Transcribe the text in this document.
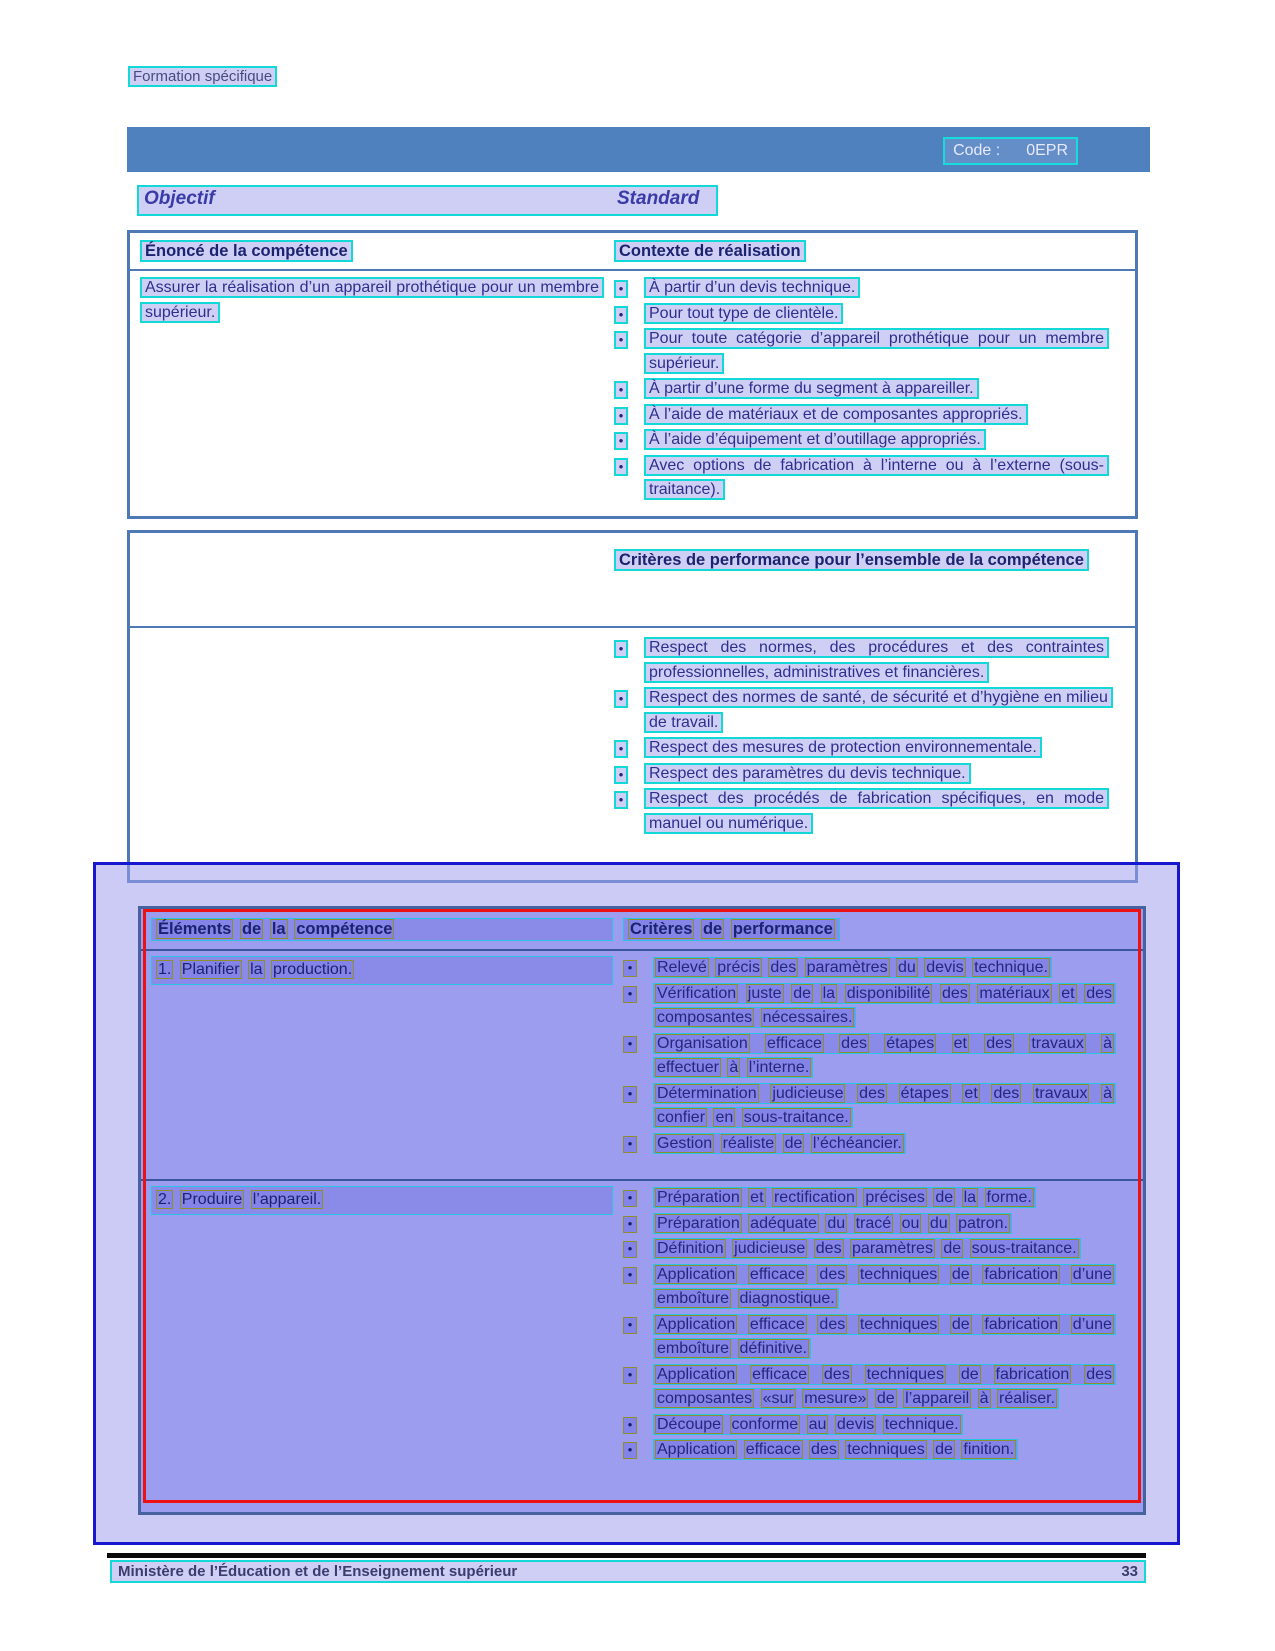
Formation spécifique
Code : 0EPR
Objectif	Standard
Énoncé de la compétence	Contexte de réalisation
Assurer la réalisation d’un appareil prothétique pour un membre supérieur.
• À partir d’un devis technique.
• Pour tout type de clientèle.
• Pour toute catégorie d’appareil prothétique pour un membre supérieur.
• À partir d’une forme du segment à appareiller.
• À l’aide de matériaux et de composantes appropriés.
• À l’aide d’équipement et d’outillage appropriés.
• Avec options de fabrication à l’interne ou à l’externe (sous-traitance).
Critères de performance pour l’ensemble de la compétence
• Respect des normes, des procédures et des contraintes professionnelles, administratives et financières.
• Respect des normes de santé, de sécurité et d’hygiène en milieu de travail.
• Respect des mesures de protection environnementale.
• Respect des paramètres du devis technique.
• Respect des procédés de fabrication spécifiques, en mode manuel ou numérique.
Éléments de la compétence	Critères de performance
1. Planifier la production.	• Relevé précis des paramètres du devis technique.
• Vérification juste de la disponibilité des matériaux et des composantes nécessaires.
• Organisation efficace des étapes et des travaux à effectuer à l’interne.
• Détermination judicieuse des étapes et des travaux à confier en sous-traitance.
• Gestion réaliste de l’échéancier.
2. Produire l’appareil.	• Préparation et rectification précises de la forme.
• Préparation adéquate du tracé ou du patron.
• Définition judicieuse des paramètres de sous-traitance.
• Application efficace des techniques de fabrication d’une emboîture diagnostique.
• Application efficace des techniques de fabrication d’une emboîture définitive.
• Application efficace des techniques de fabrication des composantes «sur mesure» de l’appareil à réaliser.
• Découpe conforme au devis technique.
• Application efficace des techniques de finition.
Ministère de l’Éducation et de l’Enseignement supérieur	33
